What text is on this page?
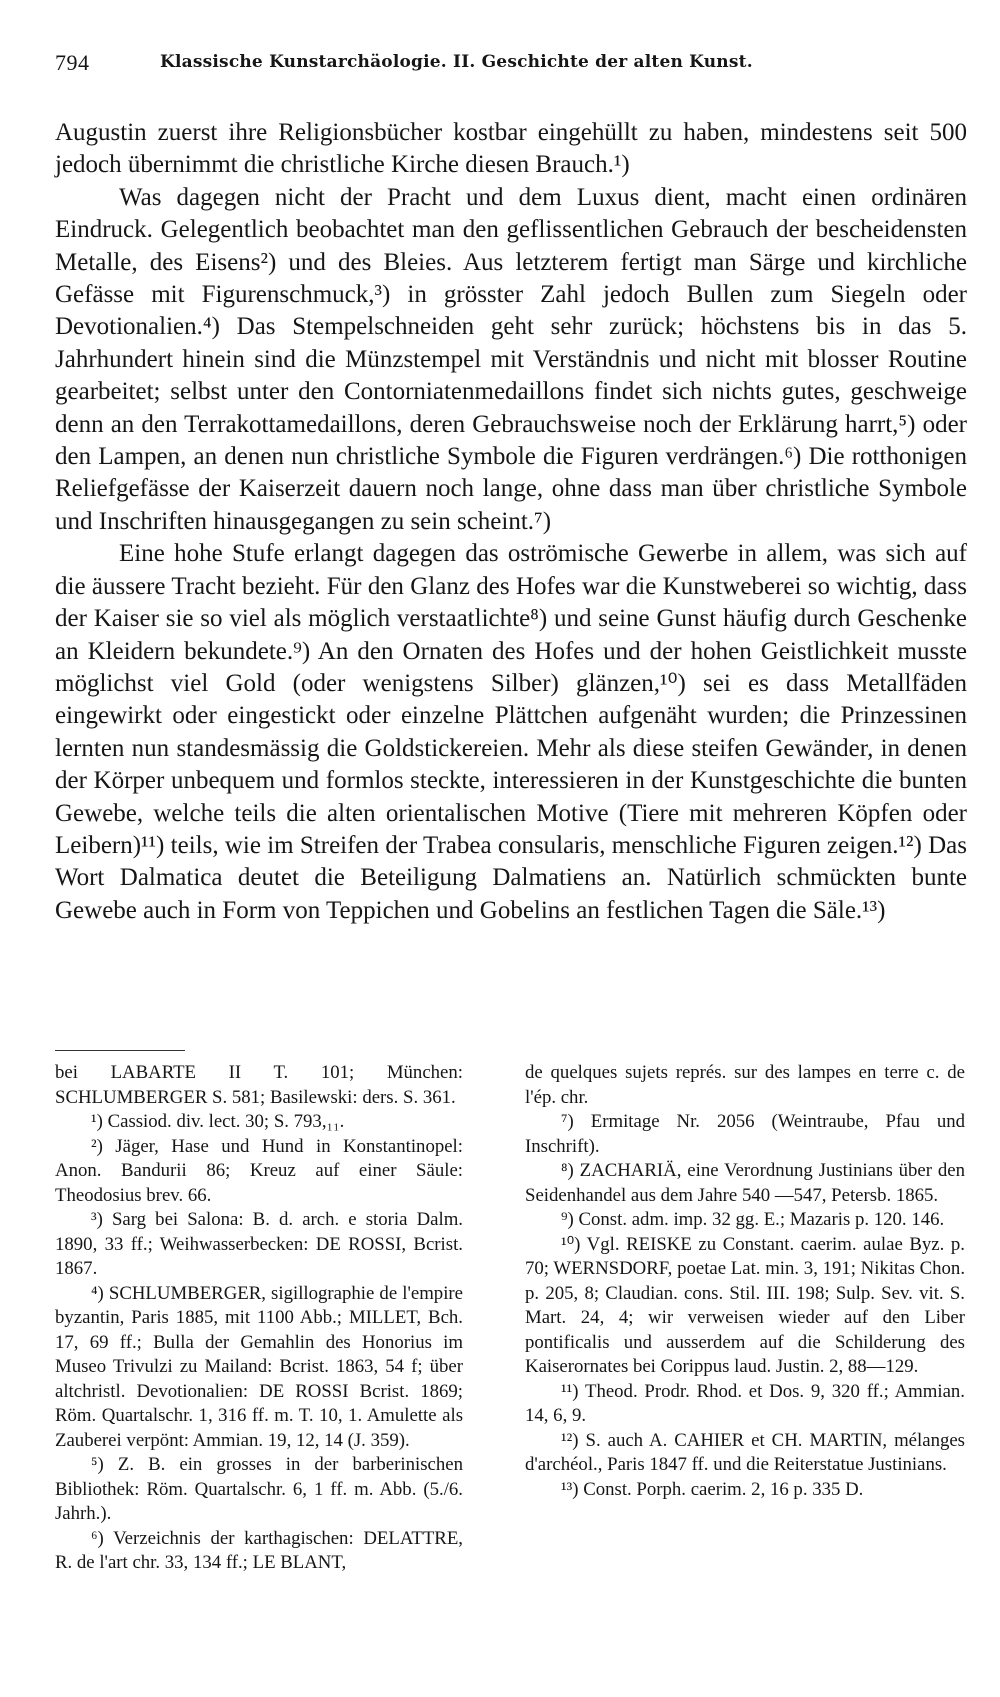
794	Klassische Kunstarchäologie. II. Geschichte der alten Kunst.

Augustin zuerst ihre Religionsbücher kostbar eingehüllt zu haben, mindestens seit 500 jedoch übernimmt die christliche Kirche diesen Brauch.¹)

Was dagegen nicht der Pracht und dem Luxus dient, macht einen ordinären Eindruck. Gelegentlich beobachtet man den geflissentlichen Gebrauch der bescheidensten Metalle, des Eisens²) und des Bleies. Aus letzterem fertigt man Särge und kirchliche Gefässe mit Figurenschmuck,³) in grösster Zahl jedoch Bullen zum Siegeln oder Devotionalien.⁴) Das Stempelschneiden geht sehr zurück; höchstens bis in das 5. Jahrhundert hinein sind die Münzstempel mit Verständnis und nicht mit blosser Routine gearbeitet; selbst unter den Contorniatenmedaillons findet sich nichts gutes, geschweige denn an den Terrakottamedaillons, deren Gebrauchsweise noch der Erklärung harrt,⁵) oder den Lampen, an denen nun christliche Symbole die Figuren verdrängen.⁶) Die rotthonigen Reliefgefässe der Kaiserzeit dauern noch lange, ohne dass man über christliche Symbole und Inschriften hinausgegangen zu sein scheint.⁷)

Eine hohe Stufe erlangt dagegen das oströmische Gewerbe in allem, was sich auf die äussere Tracht bezieht. Für den Glanz des Hofes war die Kunstweberei so wichtig, dass der Kaiser sie so viel als möglich verstaatlichte⁸) und seine Gunst häufig durch Geschenke an Kleidern bekundete.⁹) An den Ornaten des Hofes und der hohen Geistlichkeit musste möglichst viel Gold (oder wenigstens Silber) glänzen,¹⁰) sei es dass Metallfäden eingewirkt oder eingestickt oder einzelne Plättchen aufgenäht wurden; die Prinzessinen lernten nun standesmässig die Goldstickereien. Mehr als diese steifen Gewänder, in denen der Körper unbequem und formlos steckte, interessieren in der Kunstgeschichte die bunten Gewebe, welche teils die alten orientalischen Motive (Tiere mit mehreren Köpfen oder Leibern)¹¹) teils, wie im Streifen der Trabea consularis, menschliche Figuren zeigen.¹²) Das Wort Dalmatica deutet die Beteiligung Dalmatiens an. Natürlich schmückten bunte Gewebe auch in Form von Teppichen und Gobelins an festlichen Tagen die Säle.¹³)

bei LABARTE II T. 101; München: SCHLUMBERGER S. 581; Basilewski: ders. S. 361.

¹) Cassiod. div. lect. 30; S. 793,₁₁.

²) Jäger, Hase und Hund in Konstantinopel: Anon. Bandurii 86; Kreuz auf einer Säule: Theodosius brev. 66.

³) Sarg bei Salona: B. d. arch. e storia Dalm. 1890, 33 ff.; Weihwasserbecken: DE ROSSI, Bcrist. 1867.

⁴) SCHLUMBERGER, sigillographie de l'empire byzantin, Paris 1885, mit 1100 Abb.; MILLET, Bch. 17, 69 ff.; Bulla der Gemahlin des Honorius im Museo Trivulzi zu Mailand: Bcrist. 1863, 54 f; über altchristl. Devotionalien: DE ROSSI Bcrist. 1869; Röm. Quartalschr. 1, 316 ff. m. T. 10, 1. Amulette als Zauberei verpönt: Ammian. 19, 12, 14 (J. 359).

⁵) Z. B. ein grosses in der barberinischen Bibliothek: Röm. Quartalschr. 6, 1 ff. m. Abb. (5./6. Jahrh.).

⁶) Verzeichnis der karthagischen: DELATTRE, R. de l'art chr. 33, 134 ff.; LE BLANT,

de quelques sujets représ. sur des lampes en terre c. de l'ép. chr.

⁷) Ermitage Nr. 2056 (Weintraube, Pfau und Inschrift).

⁸) ZACHARIÄ, eine Verordnung Justinians über den Seidenhandel aus dem Jahre 540 —547, Petersb. 1865.

⁹) Const. adm. imp. 32 gg. E.; Mazaris p. 120. 146.

¹⁰) Vgl. REISKE zu Constant. caerim. aulae Byz. p. 70; WERNSDORF, poetae Lat. min. 3, 191; Nikitas Chon. p. 205, 8; Claudian. cons. Stil. III. 198; Sulp. Sev. vit. S. Mart. 24, 4; wir verweisen wieder auf den Liber pontificalis und ausserdem auf die Schilderung des Kaiserornates bei Corippus laud. Justin. 2, 88—129.

¹¹) Theod. Prodr. Rhod. et Dos. 9, 320 ff.; Ammian. 14, 6, 9.

¹²) S. auch A. CAHIER et CH. MARTIN, mélanges d'archéol., Paris 1847 ff. und die Reiterstatue Justinians.

¹³) Const. Porph. caerim. 2, 16 p. 335 D.
